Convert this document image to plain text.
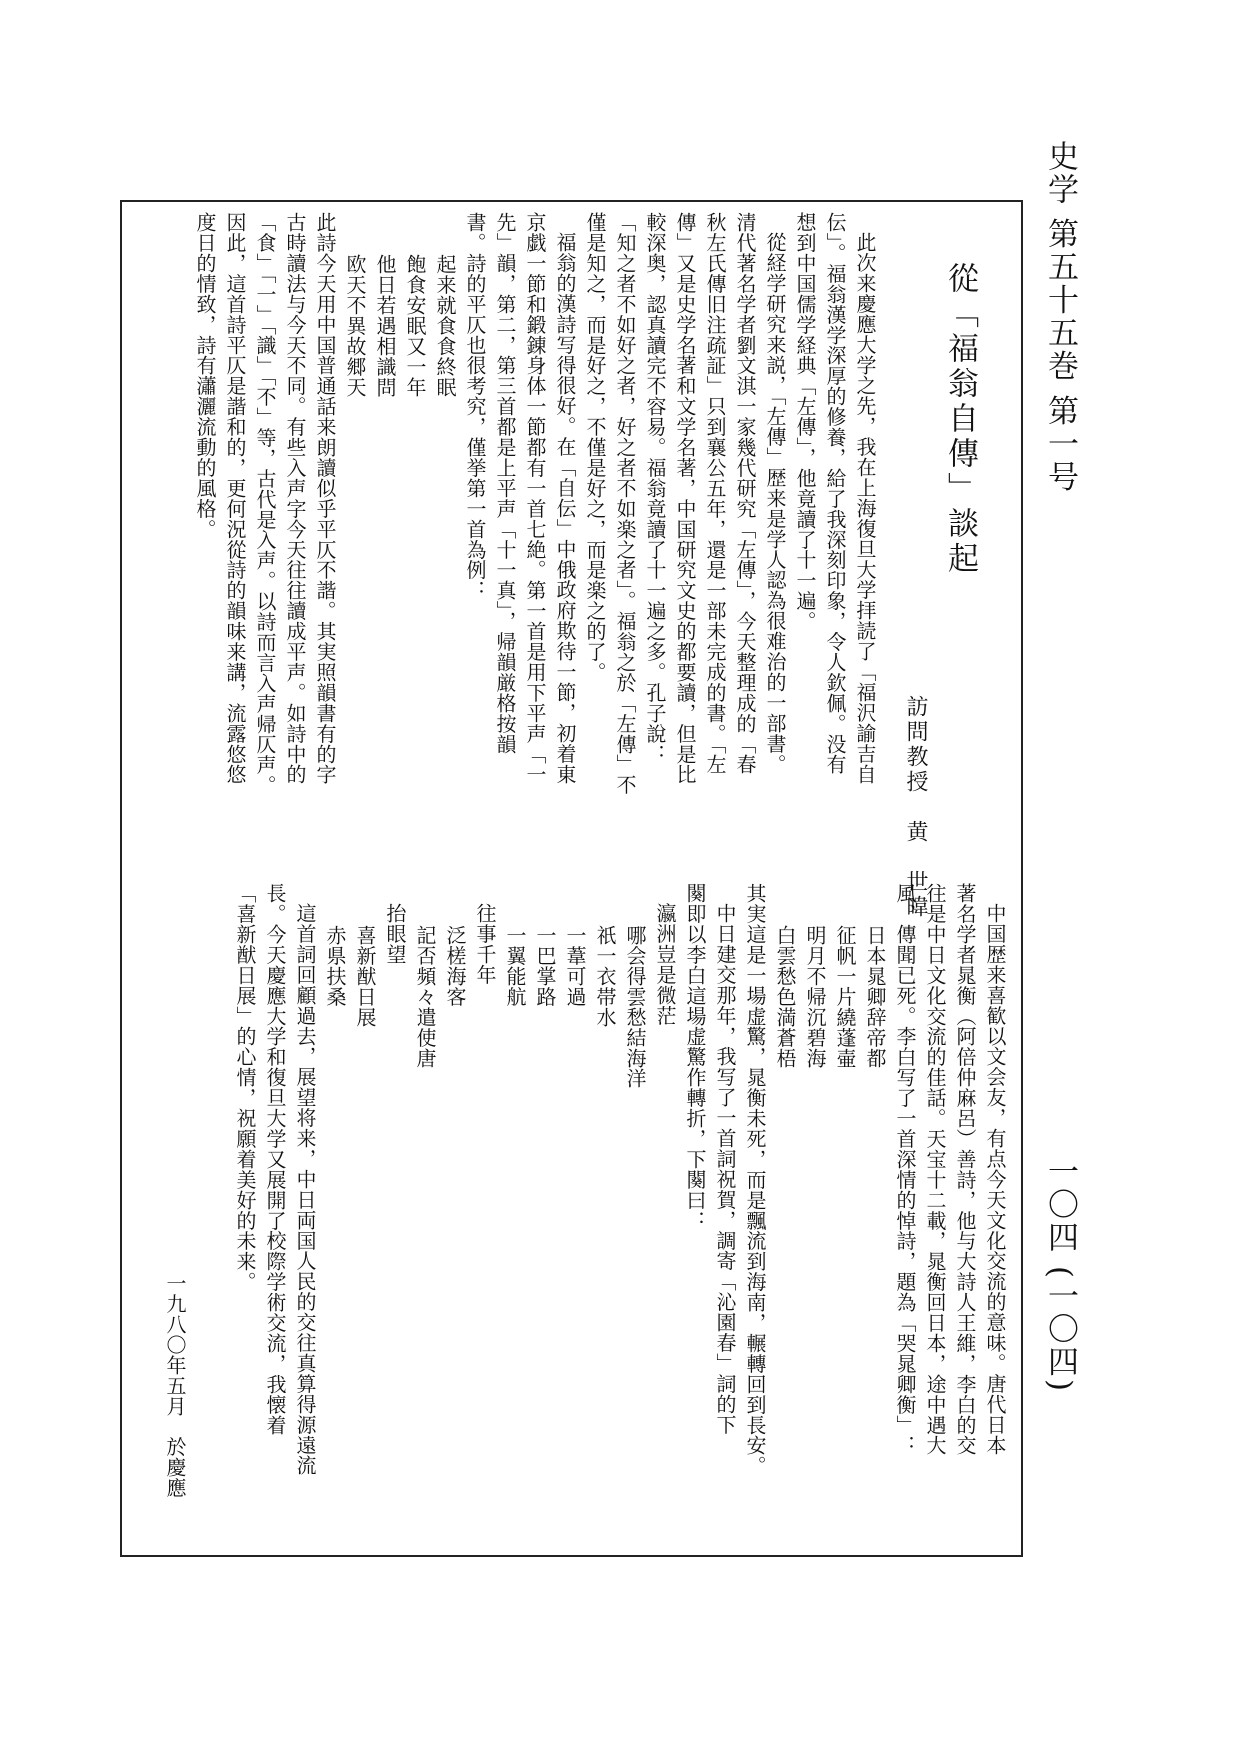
史学 第五十五巻 第一号
一〇四 (一〇四)
從「福翁自傳」談起
訪問教授　黄　世暐
此次来慶應大学之先，我在上海復旦大学拝読了「福沢諭吉自
伝」。福翁漢学深厚的修養，給了我深刻印象，令人欽佩。没有
想到中国儒学経典「左傳」，他竟讀了十一遍。
從経学研究来説，「左傳」歴来是学人認為很难治的一部書。
清代著名学者劉文淇一家幾代研究「左傳」，今天整理成的「春
秋左氏傳旧注疏証」只到襄公五年，還是一部未完成的書。「左
傳」又是史学名著和文学名著，中国研究文史的都要讀，但是比
較深奥，認真讀完不容易。福翁竟讀了十一遍之多。孔子說：
「知之者不如好之者，好之者不如楽之者」。福翁之於「左傳」不
僅是知之，而是好之，不僅是好之，而是楽之的了。
福翁的漢詩写得很好。在「自伝」中俄政府欺待一節，初着東
京戯一節和鍛錬身体一節都有一首七絶。第一首是用下平声「一
先」韻，第二，第三首都是上平声「十一真」，帰韻厳格按韻
書。詩的平仄也很考究，僅挙第一首為例：
起来就食食終眠
飽食安眠又一年
他日若遇相識問
欧天不異故郷天
此詩今天用中国普通話来朗讀似乎平仄不諧。其実照韻書有的字
古時讀法与今天不同。有些入声字今天往往讀成平声。如詩中的
「食」「一」「識」「不」等，古代是入声。以詩而言入声帰仄声。
因此，這首詩平仄是諧和的，更何況從詩的韻味来講，流露悠悠
度日的情致，詩有瀟灑流動的風格。
中国歴来喜歓以文会友，有点今天文化交流的意味。唐代日本
著名学者晁衡（阿倍仲麻呂）善詩，他与大詩人王維，李白的交
往是中日文化交流的佳話。天宝十二載，晁衡回日本，途中遇大
風，傳聞已死。李白写了一首深情的悼詩，題為「哭晁卿衡」：
日本晁卿辞帝都
征帆一片繞蓬壷
明月不帰沉碧海
白雲愁色満蒼梧
其実這是一場虚驚，晁衡未死，而是飄流到海南，輾轉回到長安。
中日建交那年，我写了一首詞祝賀，調寄「沁園春」詞的下
闋即以李白這場虚驚作轉折，下闋曰：
瀛洲豈是微茫
哪会得雲愁結海洋
祇一衣帯水
一葦可過
一巴掌路
一翼能航
往事千年
泛槎海客
記否頻々遣使唐
抬眼望
喜新猷日展
赤県扶桑
這首詞回顧過去，展望将来，中日両国人民的交往真算得源遠流
長。今天慶應大学和復旦大学又展開了校際学術交流，我懐着
「喜新猷日展」的心情，祝願着美好的未来。
一九八〇年五月　於慶應
